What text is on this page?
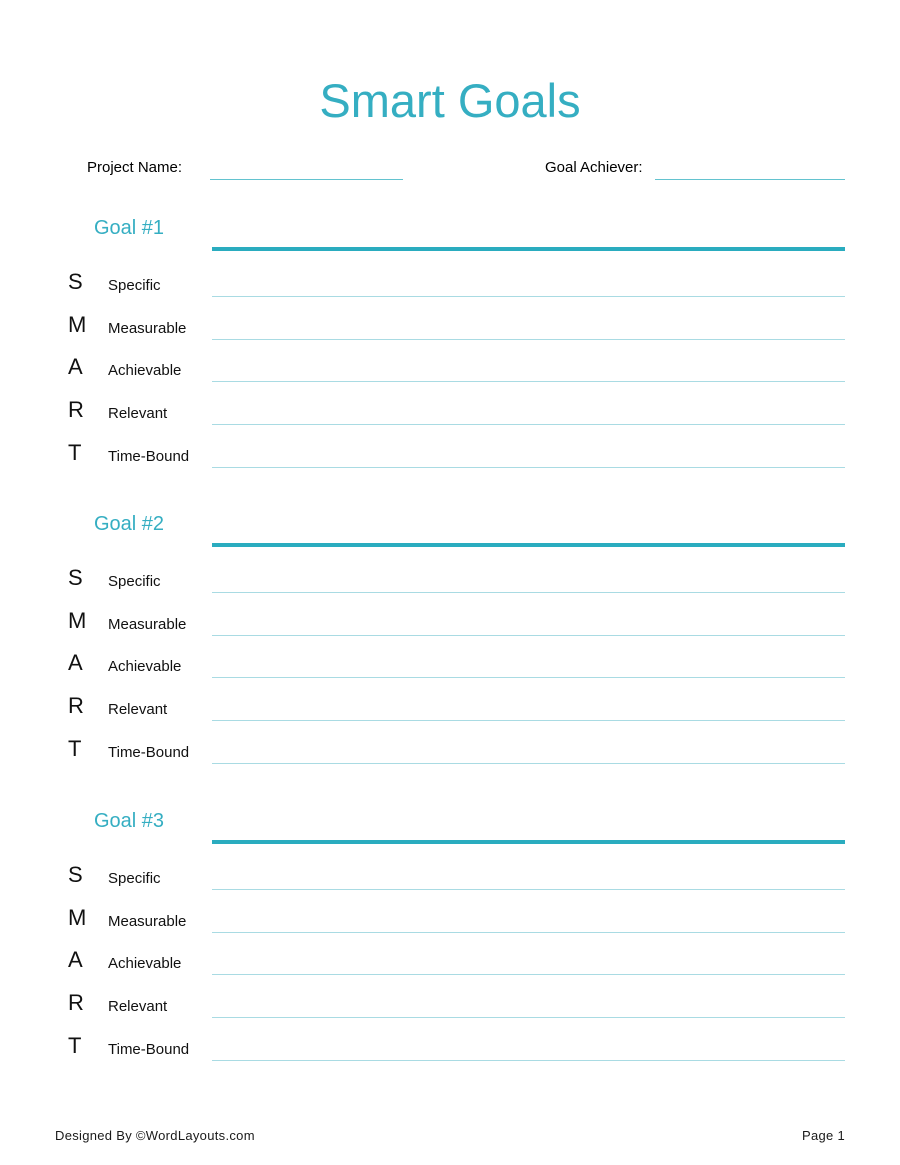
Smart Goals
Project Name:	Goal Achiever:
Goal #1
S Specific
M Measurable
A Achievable
R Relevant
T Time-Bound
Goal #2
S Specific
M Measurable
A Achievable
R Relevant
T Time-Bound
Goal #3
S Specific
M Measurable
A Achievable
R Relevant
T Time-Bound
Designed By ©WordLayouts.com	Page 1
